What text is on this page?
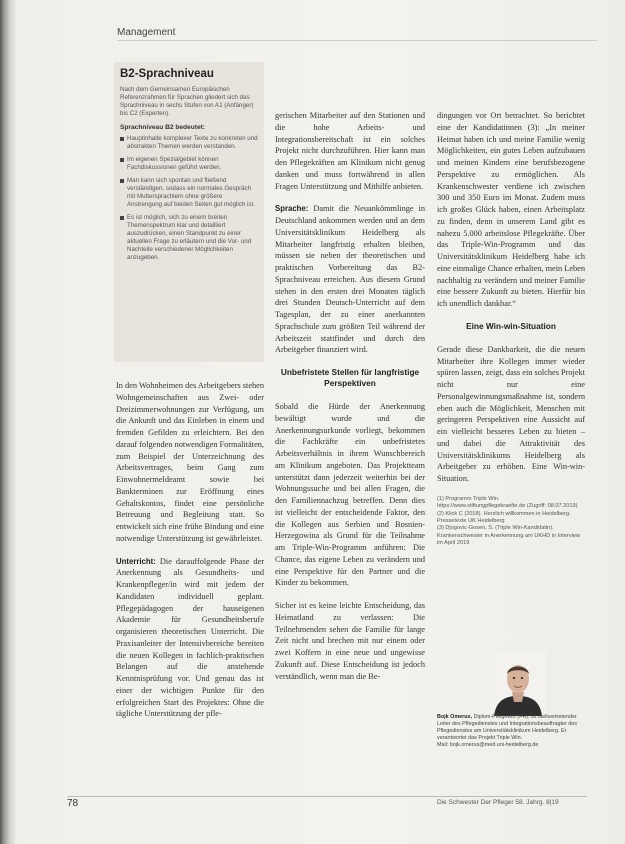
Management
B2-Sprachniveau

Nach dem Gemeinsamen Europäischen Referenzrahmen für Sprachen gliedert sich das Sprachniveau in sechs Stufen von A1 (Anfänger) bis C2 (Experten).

Sprachniveau B2 bedeutet:
Hauptinhalte komplexer Texte zu konkreten und abstrakten Themen werden verstanden.
Im eigenen Spezialgebiet können Fachdiskussionen geführt werden.
Man kann sich spontan und fließend verständigen, sodass ein normales Gespräch mit Muttersprachlern ohne größere Anstrengung auf beiden Seiten gut möglich ist.
Es ist möglich, sich zu einem breiten Themenspektrum klar und detailliert auszudrücken, einen Standpunkt zu einer aktuellen Frage zu erläutern und die Vor- und Nachteile verschiedener Möglichkeiten anzugeben.

In den Wohnheimen des Arbeitgebers stehen Wohngemeinschaften aus Zwei- oder Dreizimmerwohnungen zur Verfügung, um die Ankunft und das Einleben in einem und fremden Gefilden zu erleichtern. Bei den darauf folgenden notwendigen Formalitäten, zum Beispiel der Unterzeichnung des Arbeitsvertrages, beim Gang zum Einwohnermeldeamt sowie bei Bankterminen zur Eröffnung eines Gehaltskontos, findet eine persönliche Betreuung und Begleitung statt. So entwickelt sich eine frühe Bindung und eine notwendige Unterstützung ist gewährleistet.

Unterricht: Die darauffolgende Phase der Anerkennung als Gesundheits- und Krankenpfleger/in wird mit jedem der Kandidaten individuell geplant. Pflegepädagogen der hauseigenen Akademie für Gesundheitsberufe organisieren theoretischen Unterricht. Die Praxisanleiter der Intensivbereiche bereiten die neuen Kollegen in fachlich-praktischen Belangen auf die anstehende Kenntnisprüfung vor. Und genau das ist einer der wichtigen Punkte für den erfolgreichen Start des Projektes: Ohne die tägliche Unterstützung der pfle-

gerischen Mitarbeiter auf den Stationen und die hohe Arbeits- und Integrationsbereitschaft ist ein solches Projekt nicht durchzuführen. Hier kann man den Pflegekräften am Klinikum nicht genug danken und muss fortwährend in allen Fragen Unterstützung und Mithilfe anbieten.

Sprache: Damit die Neuankömmlinge in Deutschland ankommen werden und an dem Universitätsklinikum Heidelberg als Mitarbeiter langfristig erhalten bleiben, müssen sie neben der theoretischen und praktischen Vorbereitung das B2-Sprachniveau erreichen. Aus diesem Grund stehen in den ersten drei Monaten täglich drei Stunden Deutsch-Unterricht auf dem Tagesplan, der zu einer anerkannten Sprachschule zum größten Teil während der Arbeitszeit stattfindet und durch den Arbeitgeber finanziert wird.

Unbefristete Stellen für langfristige Perspektiven

Sobald die Hürde der Anerkennung bewältigt wurde und die Anerkennungsurkunde vorliegt, bekommen die Fachkräfte ein unbefristetes Arbeitsverhältnis in ihrem Wunschbereich am Klinikum angeboten. Das Projektteam unterstützt dann jederzeit weiterhin bei der Wohnungssuche und bei allen Fragen, die den Familiennachzug betreffen. Denn dies ist vielleicht der entscheidende Faktor, den die Kollegen aus Serbien und Bosnien-Herzegowina als Grund für die Teilnahme am Triple-Win-Programm anführen: Die Chance, das eigene Leben zu verändern und eine Perspektive für den Partner und die Kinder zu bekommen.

Sicher ist es keine leichte Entscheidung, das Heimatland zu verlassen: Die Teilnehmenden sehen die Familie für lange Zeit nicht und brechen mit nur einem oder zwei Koffern in eine neue und ungewisse Zukunft auf. Diese Entscheidung ist jedoch verständlich, wenn man die Be-

dingungen vor Ort betrachtet. So berichtet eine der Kandidatinnen (3): „In meiner Heimat haben ich und meine Familie wenig Möglichkeiten, ein gutes Leben aufzubauen und meinen Kindern eine berufsbezogene Perspektive zu ermöglichen. Als Krankenschwester verdiene ich zwischen 300 und 350 Euro im Monat. Zudem muss ich großes Glück haben, einen Arbeitsplatz zu finden, denn in unserem Land gibt es nahezu 5.000 arbeitslose Pflegekräfte. Über das Triple-Win-Programm und das Universitätsklinikum Heidelberg habe ich eine einmalige Chance erhalten, mein Leben nachhaltig zu verändern und meiner Familie eine bessere Zukunft zu bieten. Hierfür bin ich unendlich dankbar.“

Eine Win-win-Situation

Gerade diese Dankbarkeit, die die neuen Mitarbeiter ihre Kollegen immer wieder spüren lassen, zeigt, dass ein solches Projekt nicht nur eine Personalgewinnungsmaßnahme ist, sondern eben auch die Möglichkeit, Menschen mit geringeren Perspektiven eine Aussicht auf ein vielleicht besseres Leben zu bieten – und dabei die Attraktivität des Universitätsklinikums Heidelberg als Arbeitgeber zu erhöhen. Eine Win-win-Situation.

(1) Programm Triple Win. https://www.stiftungpflegekraefte.de (Zugriff: 08.07.2019)
(2) Klick C (2018). Herzlich willkommen in Heidelberg. Pressetexte UK Heidelberg
(3) Djogovic-Gosen, S. (Triple Win-Kandidatin). Krankenschwester in Anerkennung am UKHD in Interview im April 2019
Bojk Omerus, Diplom-Pflegewirt (FH), ist stellvertretender Leiter des Pflegedienstes und Integrationsbeauftragter des Pflegedienstes am Universitätsklinikum Heidelberg. Er verantwortet das Projekt Triple Win.
Mail: bojk.omerus@med.uni-heidelberg.de
78	Die Schwester Der Pfleger 58. Jahrg. 8|19
